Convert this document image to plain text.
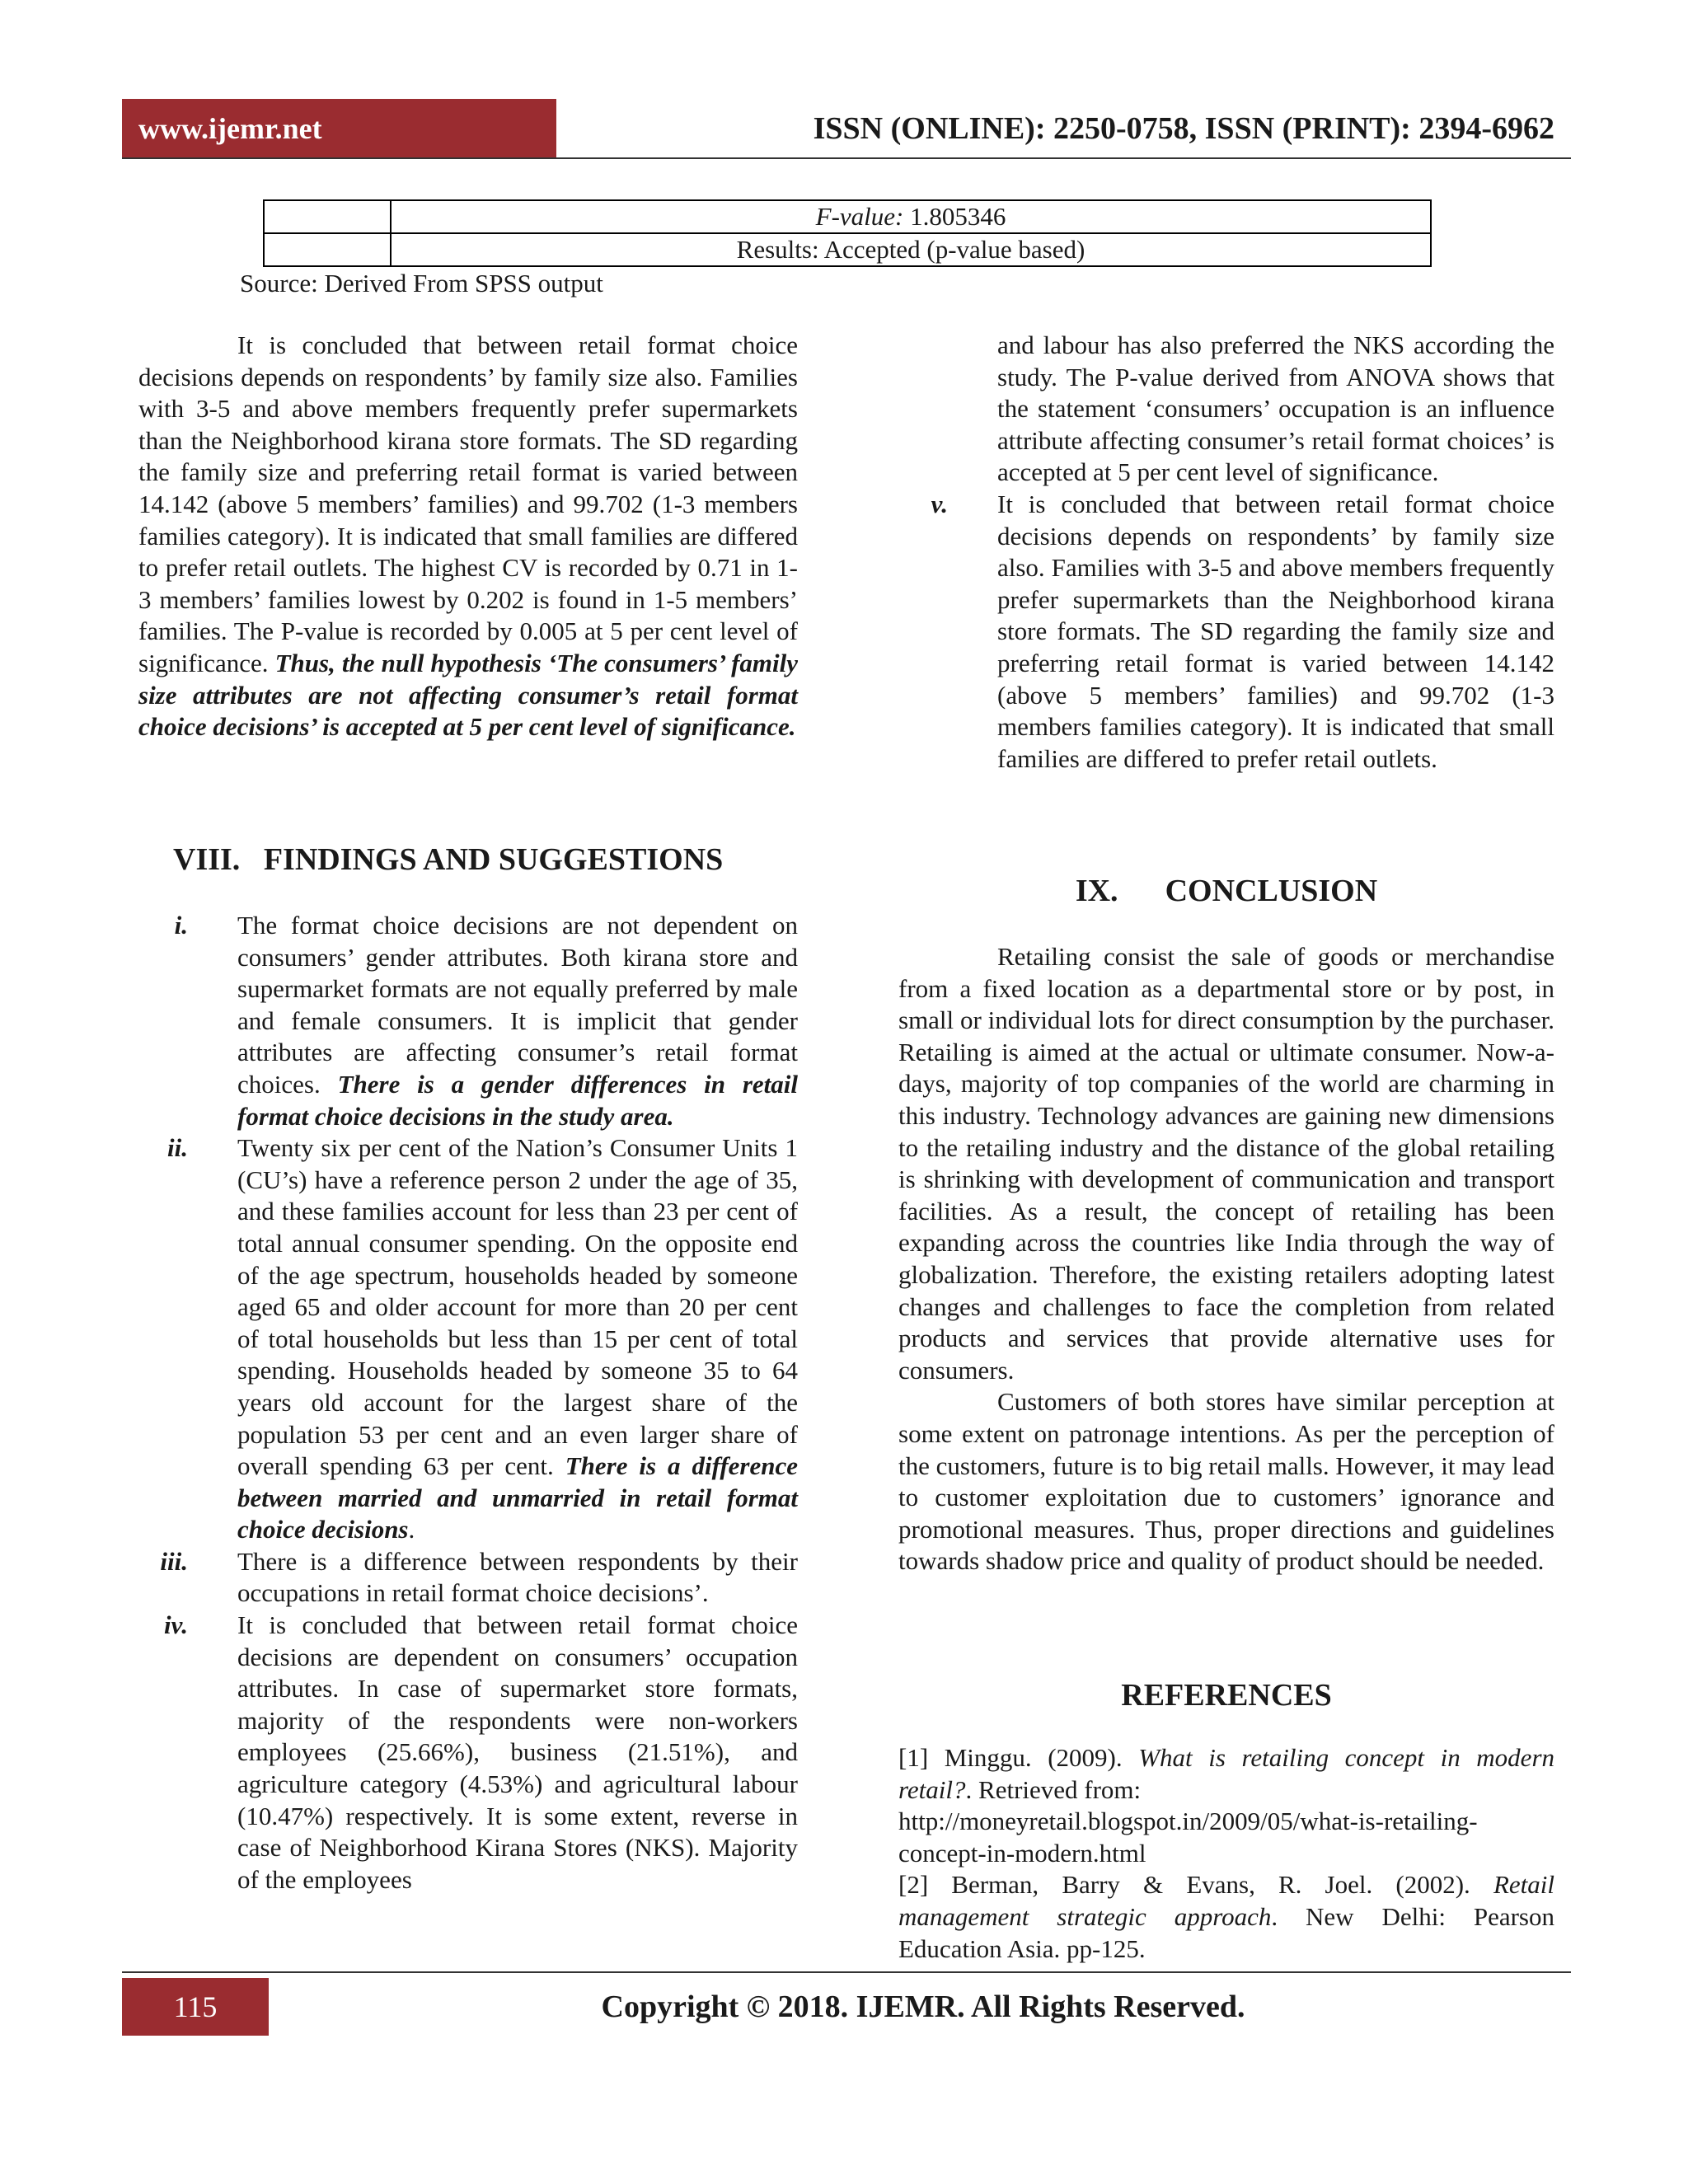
www.ijemr.net	ISSN (ONLINE): 2250-0758, ISSN (PRINT): 2394-6962
	F-value: 1.805346
	Results: Accepted (p-value based)
Source: Derived From SPSS output

It is concluded that between retail format choice decisions depends on respondents’ by family size also. Families with 3-5 and above members frequently prefer supermarkets than the Neighborhood kirana store formats. The SD regarding the family size and preferring retail format is varied between 14.142 (above 5 members’ families) and 99.702 (1-3 members families category). It is indicated that small families are differed to prefer retail outlets. The highest CV is recorded by 0.71 in 1-3 members’ families lowest by 0.202 is found in 1-5 members’ families. The P-value is recorded by 0.005 at 5 per cent level of significance. Thus, the null hypothesis ‘The consumers’ family size attributes are not affecting consumer’s retail format choice decisions’ is accepted at 5 per cent level of significance.

VIII. FINDINGS AND SUGGESTIONS
i. The format choice decisions are not dependent on consumers’ gender attributes. Both kirana store and supermarket formats are not equally preferred by male and female consumers. It is implicit that gender attributes are affecting consumer’s retail format choices. There is a gender differences in retail format choice decisions in the study area.
ii. Twenty six per cent of the Nation’s Consumer Units 1 (CU’s) have a reference person 2 under the age of 35, and these families account for less than 23 per cent of total annual consumer spending. On the opposite end of the age spectrum, households headed by someone aged 65 and older account for more than 20 per cent of total households but less than 15 per cent of total spending. Households headed by someone 35 to 64 years old account for the largest share of the population 53 per cent and an even larger share of overall spending 63 per cent. There is a difference between married and unmarried in retail format choice decisions.
iii. There is a difference between respondents by their occupations in retail format choice decisions’.
iv. It is concluded that between retail format choice decisions are dependent on consumers’ occupation attributes. In case of supermarket store formats, majority of the respondents were non-workers employees (25.66%), business (21.51%), and agriculture category (4.53%) and agricultural labour (10.47%) respectively. It is some extent, reverse in case of Neighborhood Kirana Stores (NKS). Majority of the employees
and labour has also preferred the NKS according the study. The P-value derived from ANOVA shows that the statement ‘consumers’ occupation is an influence attribute affecting consumer’s retail format choices’ is accepted at 5 per cent level of significance.
v. It is concluded that between retail format choice decisions depends on respondents’ by family size also. Families with 3-5 and above members frequently prefer supermarkets than the Neighborhood kirana store formats. The SD regarding the family size and preferring retail format is varied between 14.142 (above 5 members’ families) and 99.702 (1-3 members families category). It is indicated that small families are differed to prefer retail outlets.
IX. CONCLUSION

Retailing consist the sale of goods or merchandise from a fixed location as a departmental store or by post, in small or individual lots for direct consumption by the purchaser. Retailing is aimed at the actual or ultimate consumer. Now-a-days, majority of top companies of the world are charming in this industry. Technology advances are gaining new dimensions to the retailing industry and the distance of the global retailing is shrinking with development of communication and transport facilities. As a result, the concept of retailing has been expanding across the countries like India through the way of globalization. Therefore, the existing retailers adopting latest changes and challenges to face the completion from related products and services that provide alternative uses for consumers.

Customers of both stores have similar perception at some extent on patronage intentions. As per the perception of the customers, future is to big retail malls. However, it may lead to customer exploitation due to customers’ ignorance and promotional measures. Thus, proper directions and guidelines towards shadow price and quality of product should be needed.

REFERENCES

[1] Minggu. (2009). What is retailing concept in modern retail?. Retrieved from:

http://moneyretail.blogspot.in/2009/05/what-is-retailing-
concept-in-modern.html

[2] Berman, Barry & Evans, R. Joel. (2002). Retail management strategic approach. New Delhi: Pearson Education Asia. pp-125.

115	Copyright © 2018. IJEMR. All Rights Reserved.
